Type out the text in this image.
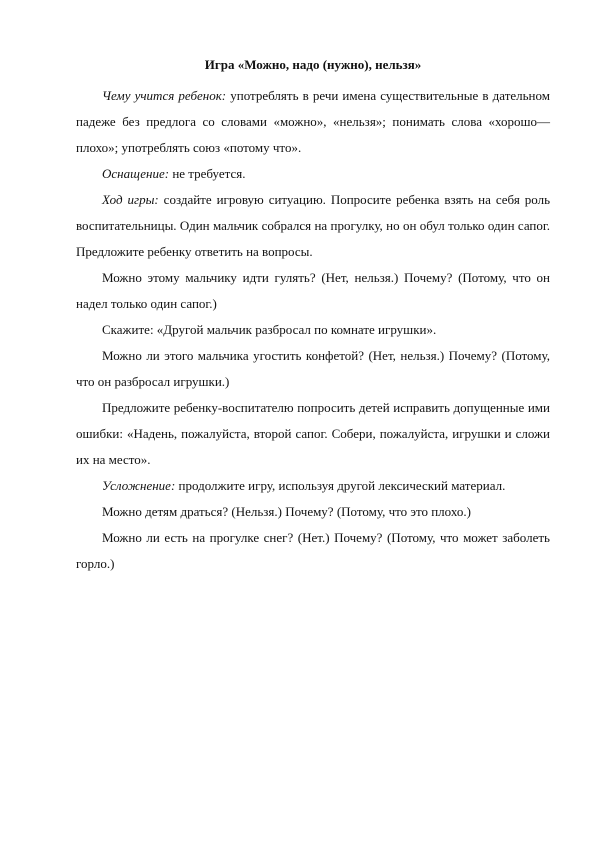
Игра «Можно, надо (нужно), нельзя»

Чему учится ребенок: употреблять в речи имена существительные в дательном падеже без предлога со словами «можно», «нельзя»; понимать слова «хорошо—плохо»; употреблять союз «потому что».

Оснащение: не требуется.

Ход игры: создайте игровую ситуацию. Попросите ребенка взять на себя роль воспитательницы. Один мальчик собрался на прогулку, но он обул только один сапог. Предложите ребенку ответить на вопросы.

Можно этому мальчику идти гулять? (Нет, нельзя.) Почему? (Потому, что он надел только один сапог.)

Скажите: «Другой мальчик разбросал по комнате игрушки».

Можно ли этого мальчика угостить конфетой? (Нет, нельзя.) Почему? (Потому, что он разбросал игрушки.)

Предложите ребенку-воспитателю попросить детей исправить допущенные ими ошибки: «Надень, пожалуйста, второй сапог. Собери, пожалуйста, игрушки и сложи их на место».

Усложнение: продолжите игру, используя другой лексический материал.

Можно детям драться? (Нельзя.) Почему? (Потому, что это плохо.)

Можно ли есть на прогулке снег? (Нет.) Почему? (Потому, что может заболеть горло.)
